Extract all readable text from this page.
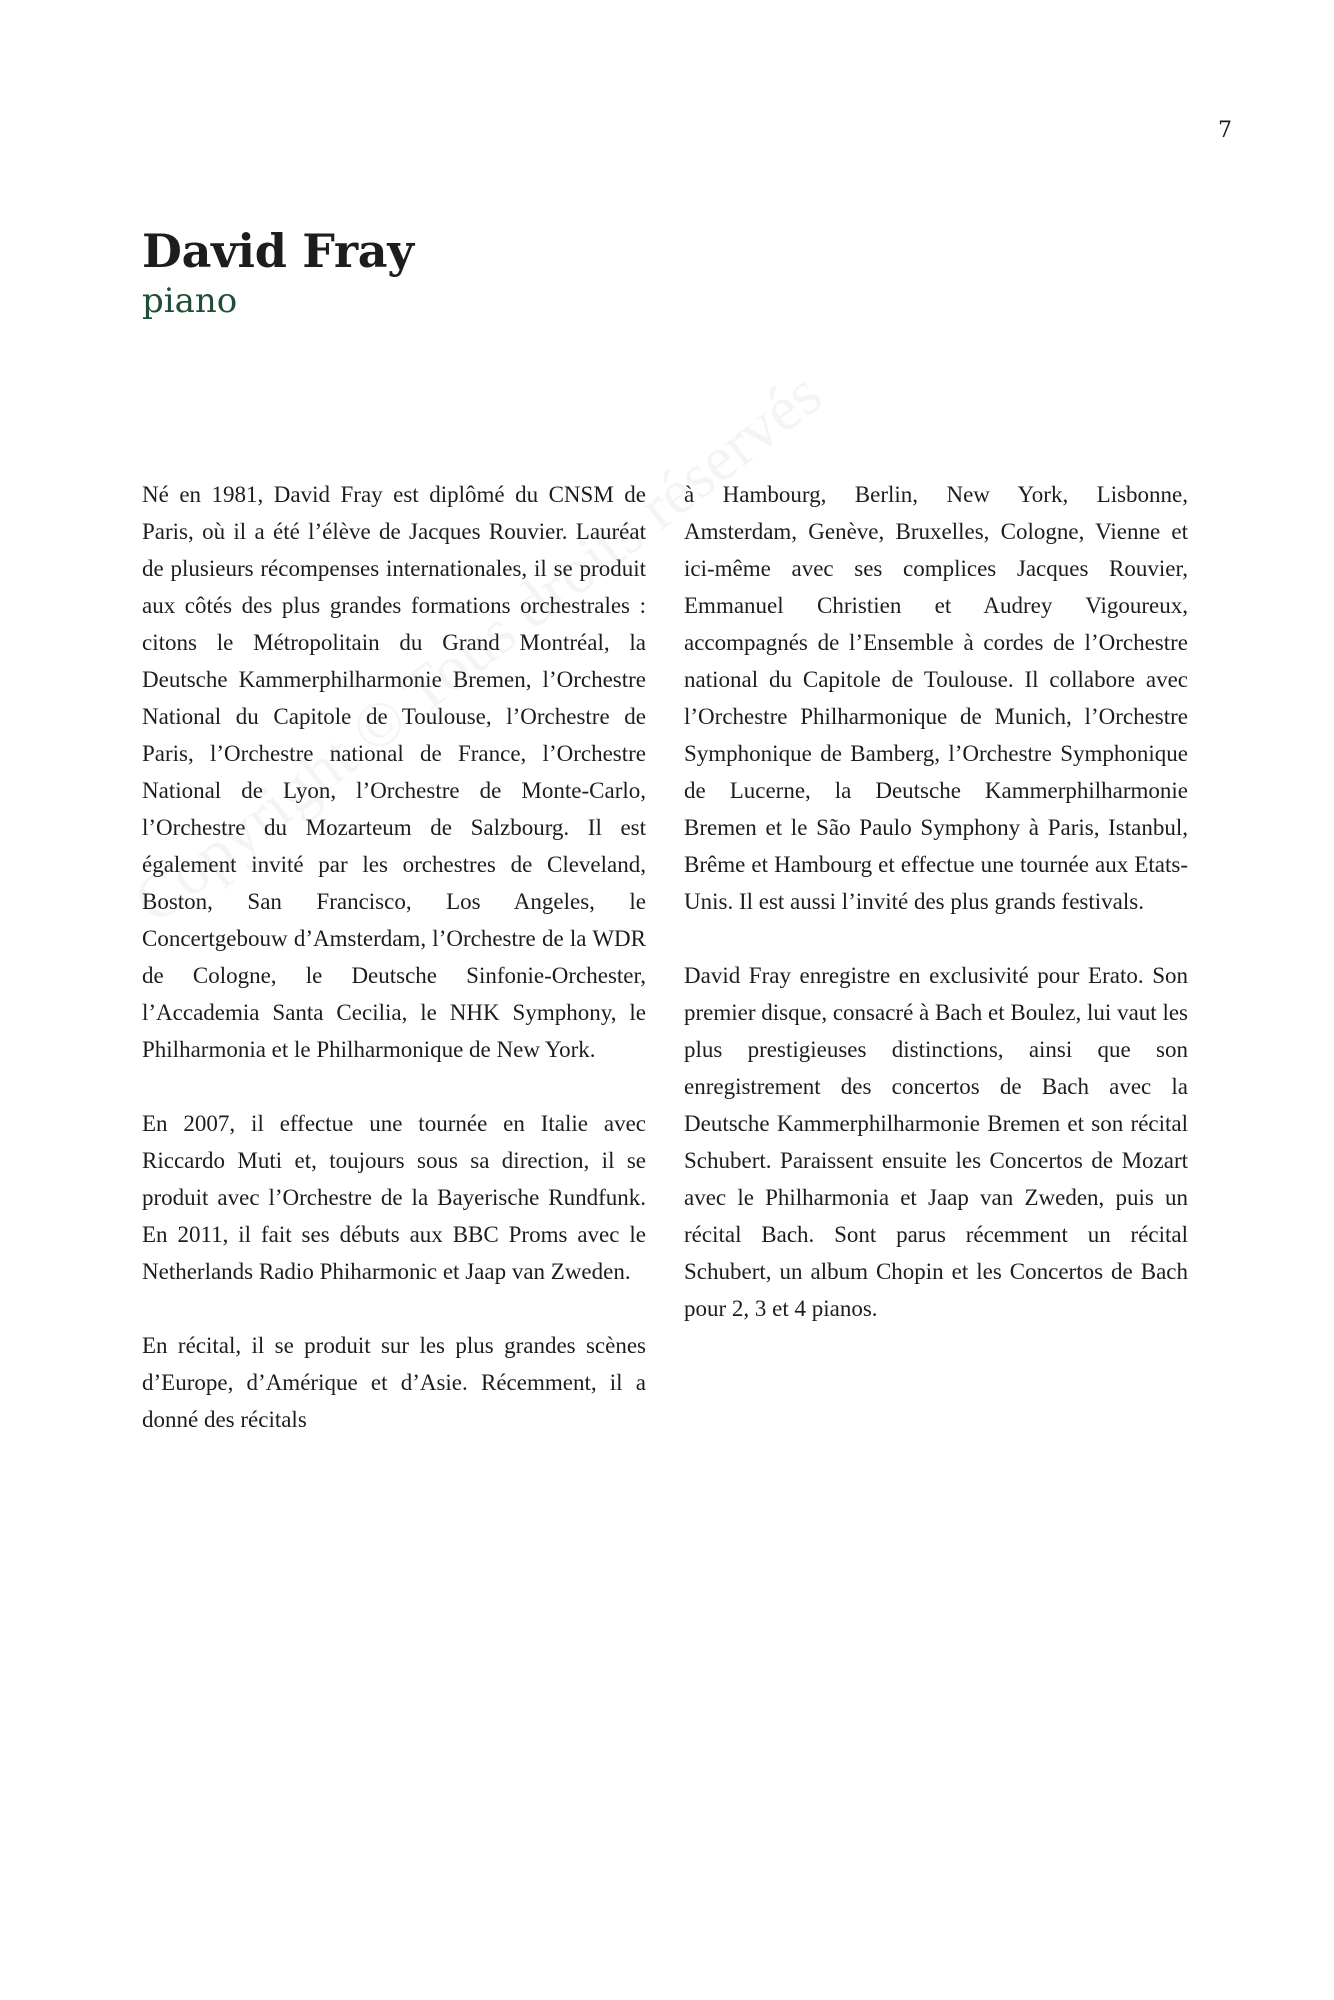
7
David Fray

piano

Né en 1981, David Fray est diplômé du CNSM de Paris, où il a été l’élève de Jacques Rouvier. Lauréat de plusieurs récompenses internationales, il se produit aux côtés des plus grandes formations orchestrales : citons le Métropolitain du Grand Montréal, la Deutsche Kammerphilharmonie Bremen, l’Orchestre National du Capitole de Toulouse, l’Orchestre de Paris, l’Orchestre national de France, l’Orchestre National de Lyon, l’Orchestre de Monte-Carlo, l’Orchestre du Mozarteum de Salzbourg. Il est également invité par les orchestres de Cleveland, Boston, San Francisco, Los Angeles, le Concertgebouw d’Amsterdam, l’Orchestre de la WDR de Cologne, le Deutsche Sinfonie-Orchester, l’Accademia Santa Cecilia, le NHK Symphony, le Philharmonia et le Philharmonique de New York.

En 2007, il effectue une tournée en Italie avec Riccardo Muti et, toujours sous sa direction, il se produit avec l’Orchestre de la Bayerische Rundfunk. En 2011, il fait ses débuts aux BBC Proms avec le Netherlands Radio Phiharmonic et Jaap van Zweden.

En récital, il se produit sur les plus grandes scènes d’Europe, d’Amérique et d’Asie. Récemment, il a donné des récitals

à Hambourg, Berlin, New York, Lisbonne, Amsterdam, Genève, Bruxelles, Cologne, Vienne et ici-même avec ses complices Jacques Rouvier, Emmanuel Christien et Audrey Vigoureux, accompagnés de l’Ensemble à cordes de l’Orchestre national du Capitole de Toulouse. Il collabore avec l’Orchestre Philharmonique de Munich, l’Orchestre Symphonique de Bamberg, l’Orchestre Symphonique de Lucerne, la Deutsche Kammerphilharmonie Bremen et le São Paulo Symphony à Paris, Istanbul, Brême et Hambourg et effectue une tournée aux Etats-Unis. Il est aussi l’invité des plus grands festivals.

David Fray enregistre en exclusivité pour Erato. Son premier disque, consacré à Bach et Boulez, lui vaut les plus prestigieuses distinctions, ainsi que son enregistrement des concertos de Bach avec la Deutsche Kammerphilharmonie Bremen et son récital Schubert. Paraissent ensuite les Concertos de Mozart avec le Philharmonia et Jaap van Zweden, puis un récital Bach. Sont parus récemment un récital Schubert, un album Chopin et les Concertos de Bach pour 2, 3 et 4 pianos.
